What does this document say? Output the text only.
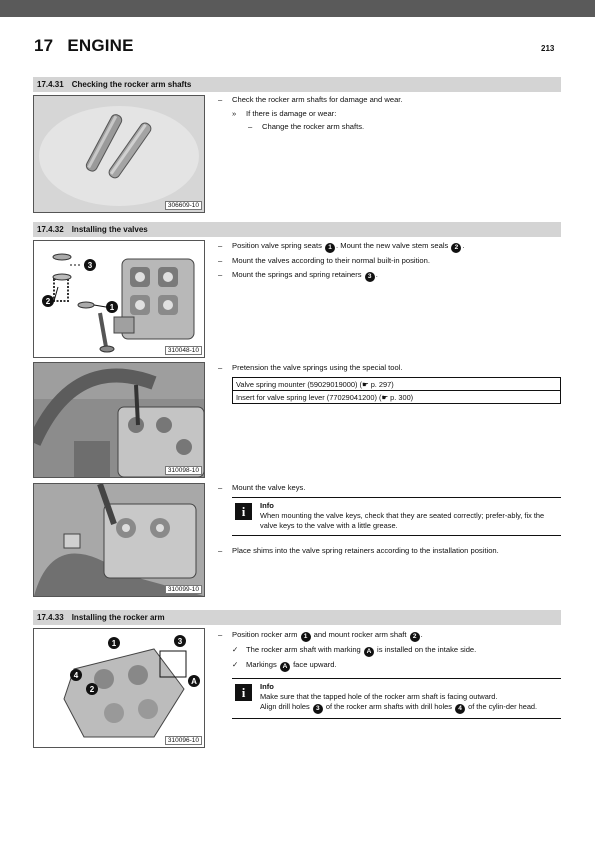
17 ENGINE	213
17.4.31 Checking the rocker arm shafts
306609-10
– Check the rocker arm shafts for damage and wear.
» If there is damage or wear:
– Change the rocker arm shafts.
17.4.32 Installing the valves
3
2
1
310048-10
– Position valve spring seats 1 . Mount the new valve stem seals 2 .
– Mount the valves according to their normal built-in position.
– Mount the springs and spring retainers 3 .
310098-10
– Pretension the valve springs using the special tool.
Valve spring mounter (59029019000) (☛ p. 297)
Insert for valve spring lever (77029041200) (☛ p. 300)
310099-10
– Mount the valve keys.
i	Info
When mounting the valve keys, check that they are seated correctly; prefer-ably, fix the valve keys to the valve with a little grease.
– Place shims into the valve spring retainers according to the installation position.
17.4.33 Installing the rocker arm
1	3
4
2
A
310096-10
– Position rocker arm 1 and mount rocker arm shaft 2 .
✓ The rocker arm shaft with marking A is installed on the intake side.
✓ Markings A face upward.
i	Info
Make sure that the tapped hole of the rocker arm shaft is facing outward.
Align drill holes 3 of the rocker arm shafts with drill holes 4 of the cylin-der head.
